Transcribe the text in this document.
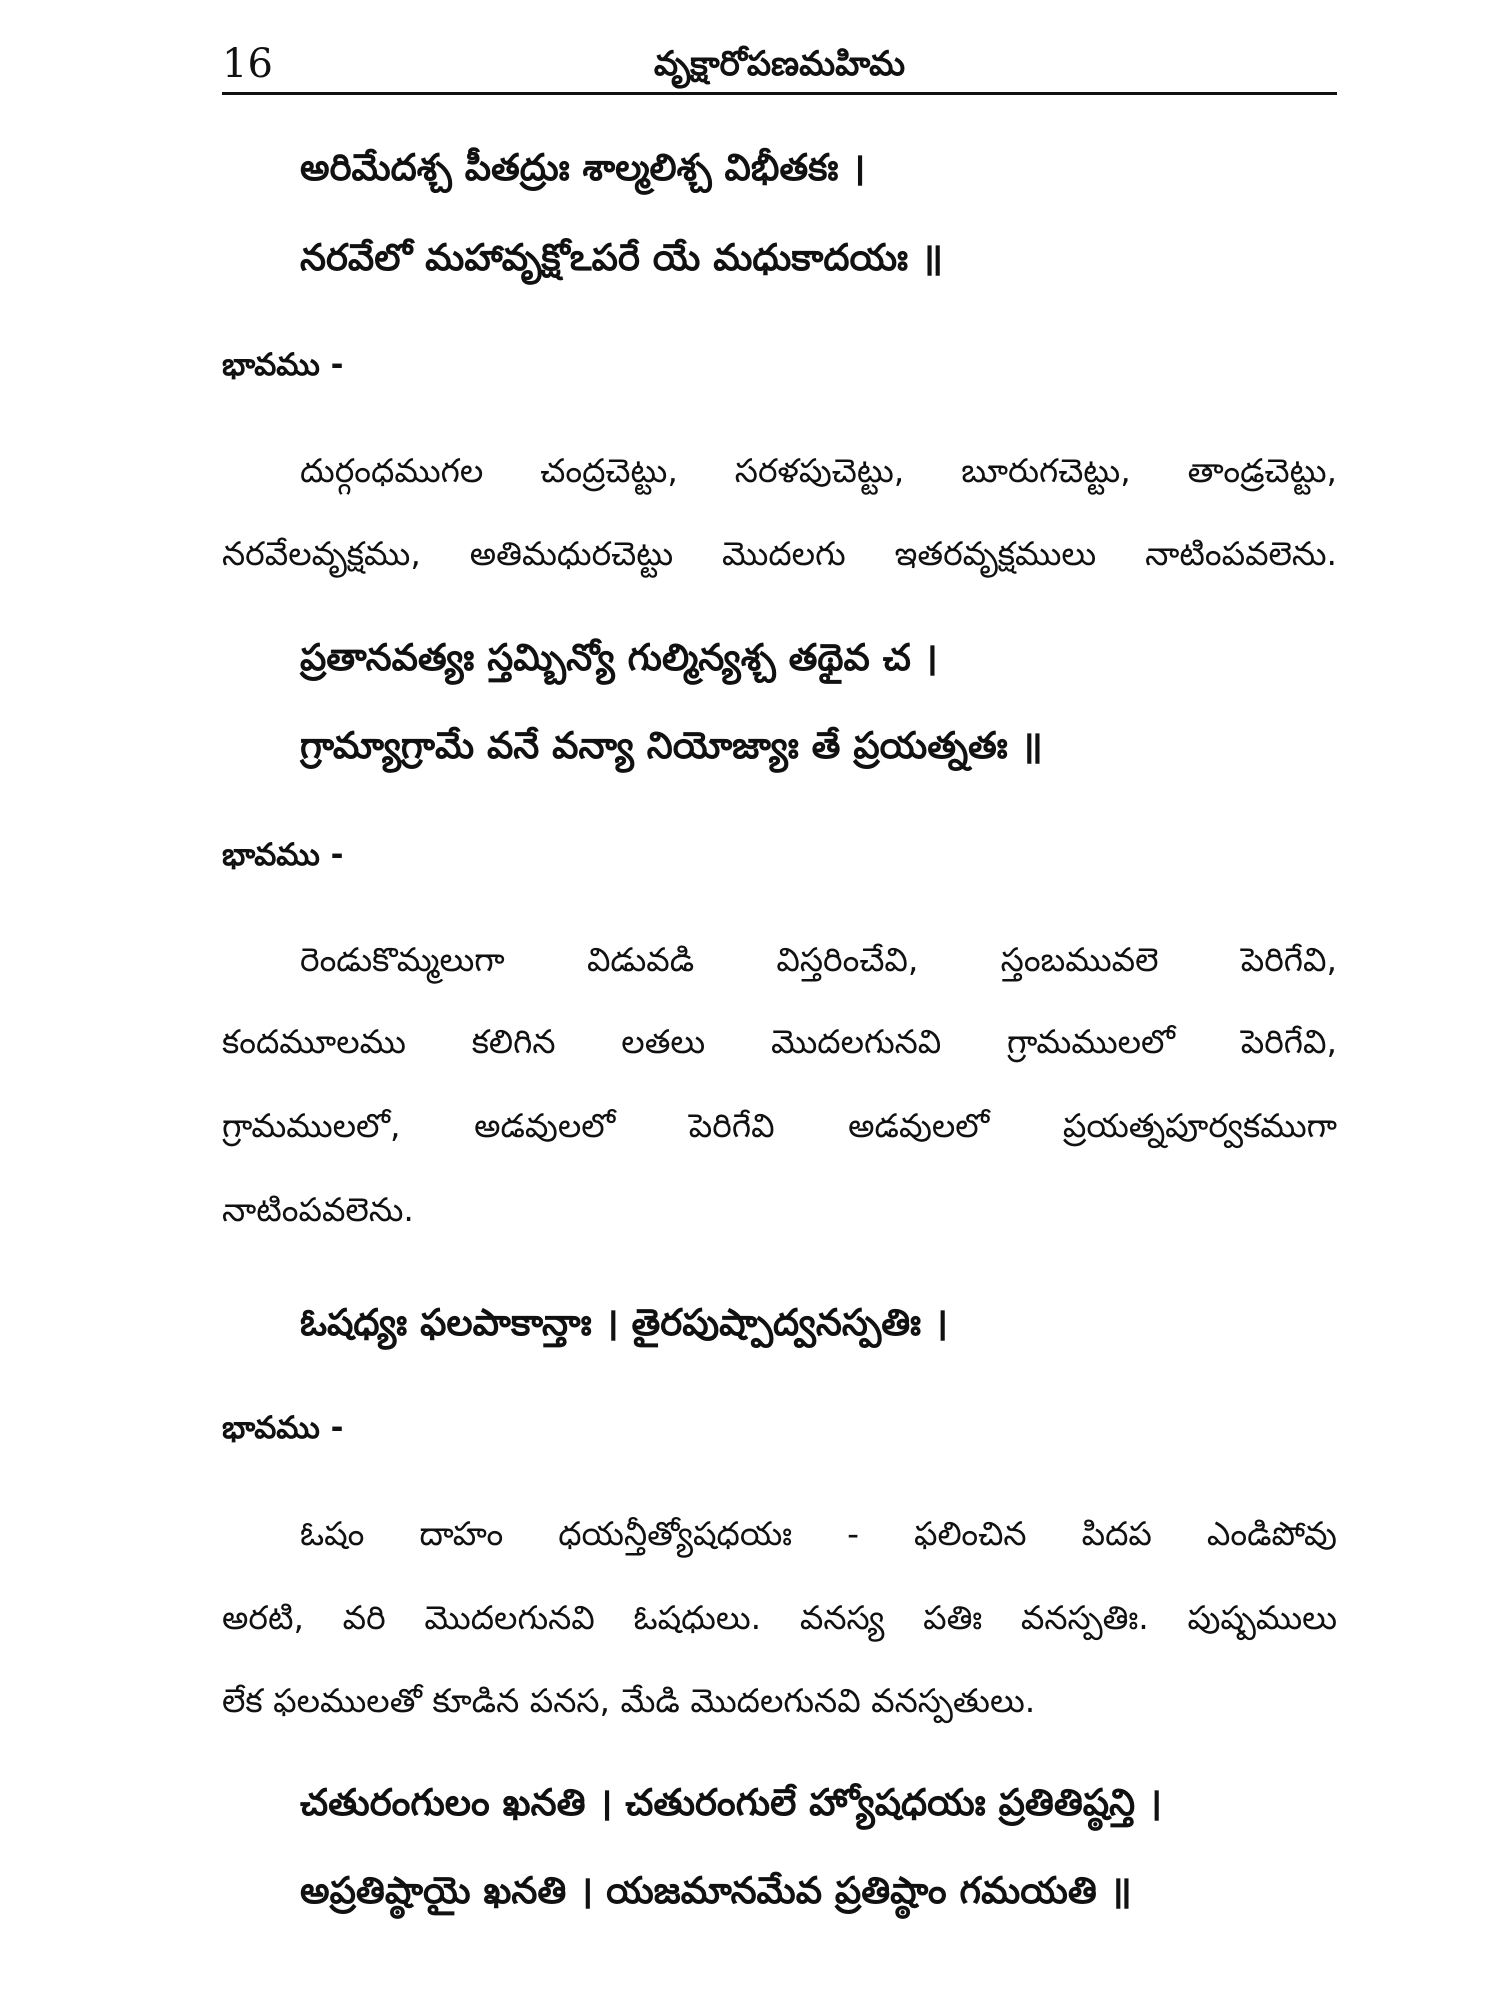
16	వృక్షారోపణమహిమ
అరిమేదశ్చ పీతద్రుః శాల్మలిశ్చ విభీతకః ।
నరవేలో మహావృక్షోఽపరే యే మధుకాదయః ॥
భావము -
దుర్గంధముగల చంద్రచెట్టు, సరళపుచెట్టు, బూరుగచెట్టు, తాండ్రచెట్టు,
నరవేలవృక్షము, అతిమధురచెట్టు మొదలగు ఇతరవృక్షములు నాటింపవలెను.
ప్రతానవత్యః స్తమ్బిన్యో గుల్మిన్యశ్చ తథైవ చ ।
గ్రామ్యాగ్రామే వనే వన్యా నియోజ్యాః తే ప్రయత్నతః ॥
భావము -
రెండుకొమ్మలుగా విడువడి విస్తరించేవి, స్తంబమువలె పెరిగేవి,
కందమూలము కలిగిన లతలు మొదలగునవి గ్రామములలో పెరిగేవి,
గ్రామములలో, అడవులలో పెరిగేవి అడవులలో ప్రయత్నపూర్వకముగా
నాటింపవలెను.
ఓషధ్యః ఫలపాకాన్తాః । తైరపుష్పాద్వనస్పతిః ।
భావము -
ఓషం దాహం ధయన్తీత్యోషధయః - ఫలించిన పిదప ఎండిపోవు
అరటి, వరి మొదలగునవి ఓషధులు. వనస్య పతిః వనస్పతిః. పుష్పములు
లేక ఫలములతో కూడిన పనస, మేడి మొదలగునవి వనస్పతులు.
చతురంగులం ఖనతి । చతురంగులే హ్యోషధయః ప్రతితిష్ఠన్తి ।
అప్రతిష్ఠాయై ఖనతి । యజమానమేవ ప్రతిష్ఠాం గమయతి ॥
